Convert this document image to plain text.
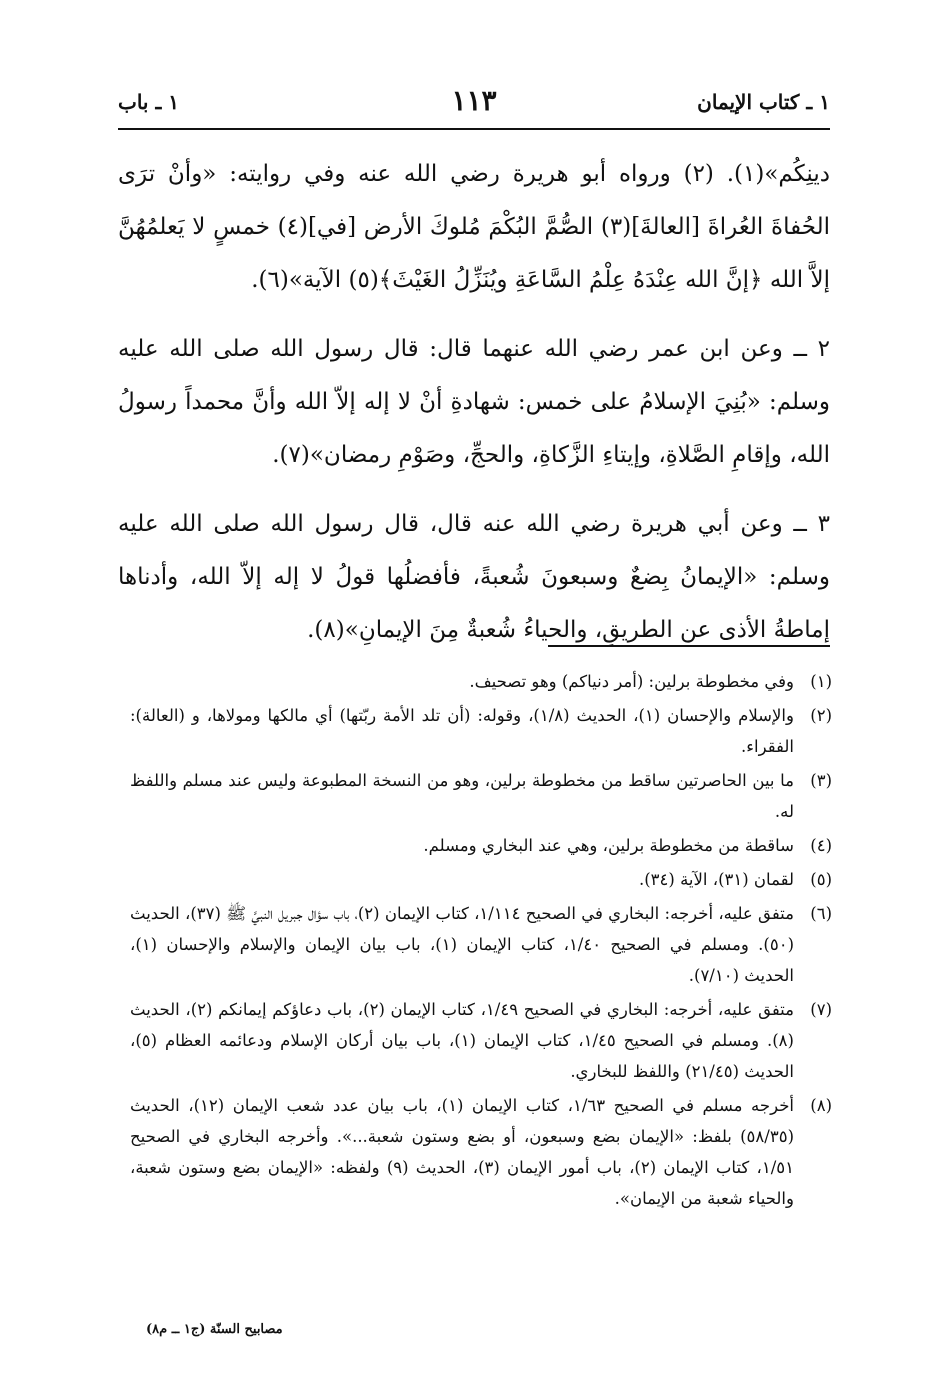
١ ـ كتاب الإيمان
١١٣
١ ـ باب

دينِكُم»(١). (٢) ورواه أبو هريرة رضي الله عنه وفي روايته: «وأنْ ترَى الحُفاةَ العُراةَ [العالةَ](٣) الصُّمَّ البُكْمَ مُلوكَ الأرض [في](٤) خمسٍ لا يَعلمُهُنَّ إلاَّ الله ﴿إنَّ الله عِنْدَهُ عِلْمُ السَّاعَةِ ويُنَزِّلُ الغَيْثَ﴾(٥) الآية»(٦).

٢ ــ وعن ابن عمر رضي الله عنهما قال: قال رسول الله صلى الله عليه وسلم: «بُنِيَ الإسلامُ على خمس: شهادةِ أنْ لا إله إلاّ الله وأنَّ محمداً رسولُ الله، وإقامِ الصَّلاةِ، وإيتاءِ الزَّكاةِ، والحجِّ، وصَوْمِ رمضان»(٧).

٣ ــ وعن أبي هريرة رضي الله عنه قال، قال رسول الله صلى الله عليه وسلم: «الإيمانُ بِضعٌ وسبعونَ شُعبةً، فأفضلُها قولُ لا إله إلاّ الله، وأدناها إماطةُ الأذى عن الطريقِ، والحياءُ شُعبةٌ مِنَ الإيمانِ»(٨).

(١)
وفي مخطوطة برلين: (أمر دنياكم) وهو تصحيف.
(٢)
والإسلام والإحسان (١)، الحديث (١/٨)، وقوله: (أن تلد الأمة ربّتها) أي مالكها ومولاها، و (العالة): الفقراء.
(٣)
ما بين الحاصرتين ساقط من مخطوطة برلين، وهو من النسخة المطبوعة وليس عند مسلم واللفظ له.
(٤)
ساقطة من مخطوطة برلين، وهي عند البخاري ومسلم.
(٥)
لقمان (٣١)، الآية (٣٤).
(٦)
متفق عليه، أخرجه: البخاري في الصحيح ١/١١٤، كتاب الإيمان (٢)، باب سؤال جبريل النبيَّ ﷺ (٣٧)، الحديث (٥٠). ومسلم في الصحيح ١/٤٠، كتاب الإيمان (١)، باب بيان الإيمان والإسلام والإحسان (١)، الحديث (٧/١٠).
(٧)
متفق عليه، أخرجه: البخاري في الصحيح ١/٤٩، كتاب الإيمان (٢)، باب دعاؤكم إيمانكم (٢)، الحديث (٨). ومسلم في الصحيح ١/٤٥، كتاب الإيمان (١)، باب بيان أركان الإسلام ودعائمه العظام (٥)، الحديث (٢١/٤٥) واللفظ للبخاري.
(٨)
أخرجه مسلم في الصحيح ١/٦٣، كتاب الإيمان (١)، باب بيان عدد شعب الإيمان (١٢)، الحديث (٥٨/٣٥) بلفظ: «الإيمان بضع وسبعون، أو بضع وستون شعبة...». وأخرجه البخاري في الصحيح ١/٥١، كتاب الإيمان (٢)، باب أمور الإيمان (٣)، الحديث (٩) ولفظه: «الإيمان بضع وستون شعبة، والحياء شعبة من الإيمان».
مصابيح السنّة (ج١ ــ م٨)
